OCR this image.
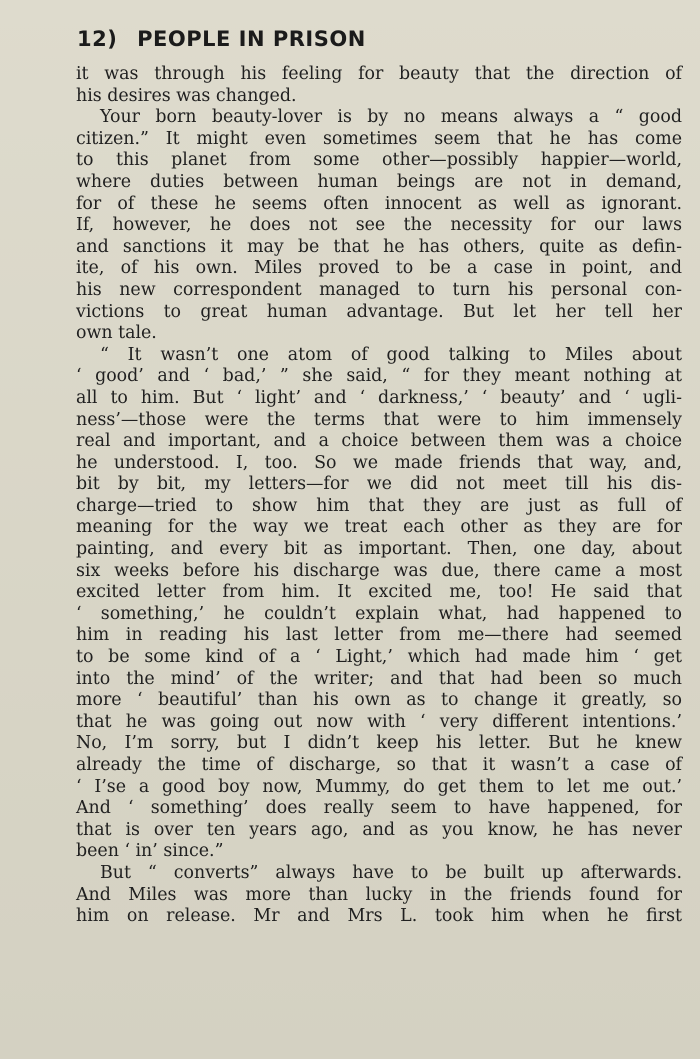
12) PEOPLE IN PRISON
it was through his feeling for beauty that the direction of
his desires was changed.
Your born beauty-lover is by no means always a “ good
citizen.” It might even sometimes seem that he has come
to this planet from some other—possibly happier—world,
where duties between human beings are not in demand,
for of these he seems often innocent as well as ignorant.
If, however, he does not see the necessity for our laws
and sanctions it may be that he has others, quite as defin-
ite, of his own. Miles proved to be a case in point, and
his new correspondent managed to turn his personal con-
victions to great human advantage. But let her tell her
own tale.
“ It wasn’t one atom of good talking to Miles about
‘ good’ and ‘ bad,’ ” she said, “ for they meant nothing at
all to him. But ‘ light’ and ‘ darkness,’ ‘ beauty’ and ‘ ugli-
ness’—those were the terms that were to him immensely
real and important, and a choice between them was a choice
he understood. I, too. So we made friends that way, and,
bit by bit, my letters—for we did not meet till his dis-
charge—tried to show him that they are just as full of
meaning for the way we treat each other as they are for
painting, and every bit as important. Then, one day, about
six weeks before his discharge was due, there came a most
excited letter from him. It excited me, too! He said that
‘ something,’ he couldn’t explain what, had happened to
him in reading his last letter from me—there had seemed
to be some kind of a ‘ Light,’ which had made him ‘ get
into the mind’ of the writer; and that had been so much
more ‘ beautiful’ than his own as to change it greatly, so
that he was going out now with ‘ very different intentions.’
No, I’m sorry, but I didn’t keep his letter. But he knew
already the time of discharge, so that it wasn’t a case of
‘ I’se a good boy now, Mummy, do get them to let me out.’
And ‘ something’ does really seem to have happened, for
that is over ten years ago, and as you know, he has never
been ‘ in’ since.”
But “ converts” always have to be built up afterwards.
And Miles was more than lucky in the friends found for
him on release. Mr and Mrs L. took him when he first
